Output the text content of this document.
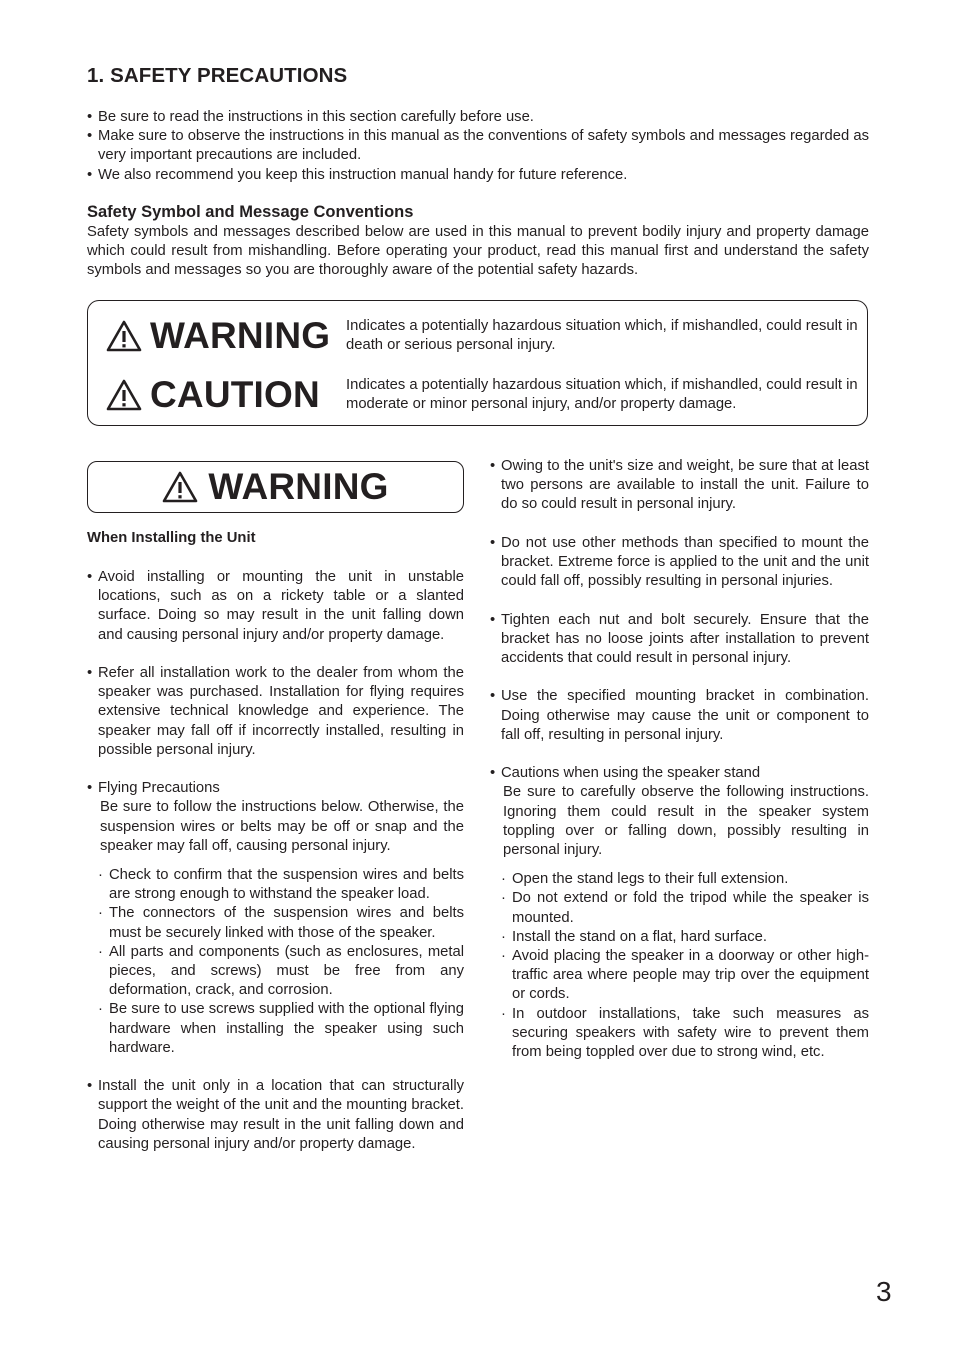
1. SAFETY PRECAUTIONS
• Be sure to read the instructions in this section carefully before use.
• Make sure to observe the instructions in this manual as the conventions of safety symbols and messages regarded as very important precautions are included.
• We also recommend you keep this instruction manual handy for future reference.
Safety Symbol and Message Conventions
Safety symbols and messages described below are used in this manual to prevent bodily injury and property damage which could result from mishandling. Before operating your product, read this manual first and understand the safety symbols and messages so you are thoroughly aware of the potential safety hazards.
WARNING Indicates a potentially hazardous situation which, if mishandled, could result in death or serious personal injury.
CAUTION Indicates a potentially hazardous situation which, if mishandled, could result in moderate or minor personal injury, and/or property damage.
WARNING
When Installing the Unit
• Avoid installing or mounting the unit in unstable locations, such as on a rickety table or a slanted surface. Doing so may result in the unit falling down and causing personal injury and/or property damage.
• Refer all installation work to the dealer from whom the speaker was purchased. Installation for flying requires extensive technical knowledge and experience. The speaker may fall off if incorrectly installed, resulting in possible personal injury.
• Flying Precautions
Be sure to follow the instructions below. Otherwise, the suspension wires or belts may be off or snap and the speaker may fall off, causing personal injury.
· Check to confirm that the suspension wires and belts are strong enough to withstand the speaker load.
· The connectors of the suspension wires and belts must be securely linked with those of the speaker.
· All parts and components (such as enclosures, metal pieces, and screws) must be free from any deformation, crack, and corrosion.
· Be sure to use screws supplied with the optional flying hardware when installing the speaker using such hardware.
• Install the unit only in a location that can structurally support the weight of the unit and the mounting bracket. Doing otherwise may result in the unit falling down and causing personal injury and/or property damage.
• Owing to the unit's size and weight, be sure that at least two persons are available to install the unit. Failure to do so could result in personal injury.
• Do not use other methods than specified to mount the bracket. Extreme force is applied to the unit and the unit could fall off, possibly resulting in personal injuries.
• Tighten each nut and bolt securely. Ensure that the bracket has no loose joints after installation to prevent accidents that could result in personal injury.
• Use the specified mounting bracket in combination. Doing otherwise may cause the unit or component to fall off, resulting in personal injury.
• Cautions when using the speaker stand
Be sure to carefully observe the following instructions. Ignoring them could result in the speaker system toppling over or falling down, possibly resulting in personal injury.
· Open the stand legs to their full extension.
· Do not extend or fold the tripod while the speaker is mounted.
· Install the stand on a flat, hard surface.
· Avoid placing the speaker in a doorway or other high-traffic area where people may trip over the equipment or cords.
· In outdoor installations, take such measures as securing speakers with safety wire to prevent them from being toppled over due to strong wind, etc.
3
